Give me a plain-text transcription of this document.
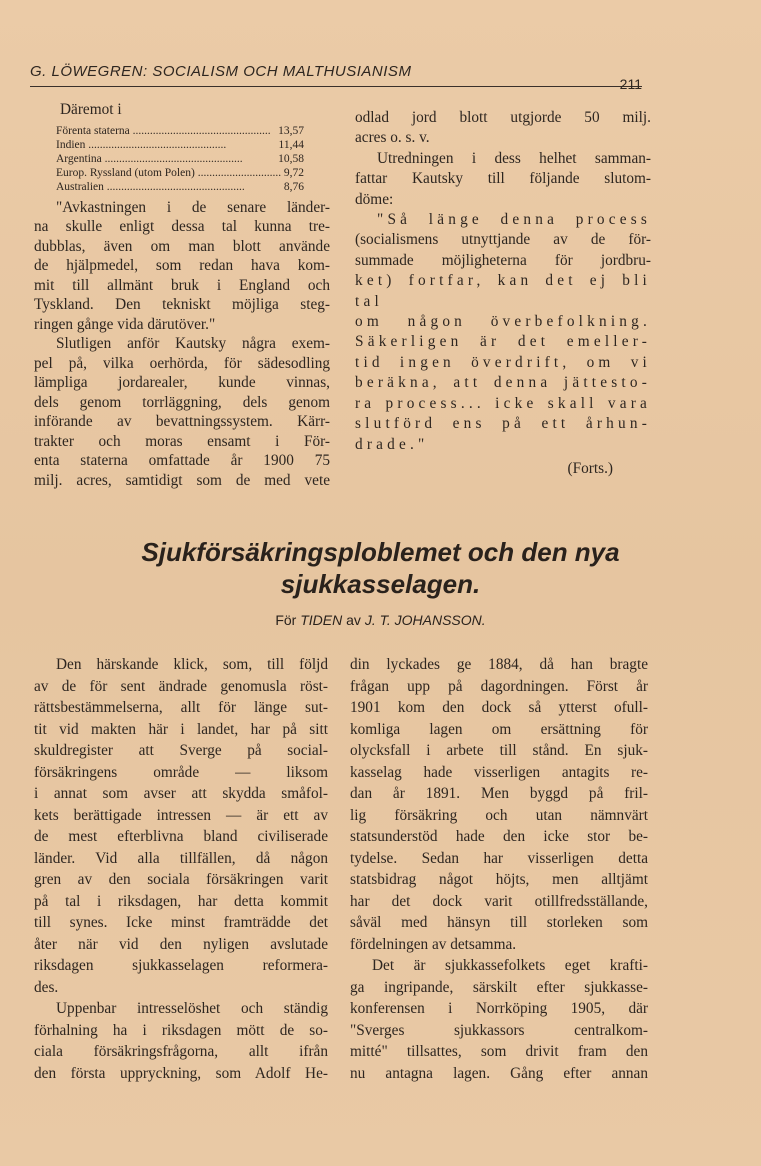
G. LÖWEGREN: SOCIALISM OCH MALTHUSIANISM
211

Däremot i

Förenta staterna .....	13,57
Indien .....	11,44
Argentina .....	10,58
Europ. Ryssland (utom Polen) .....	9,72
Australien .....	8,76

"Avkastningen i de senare länder-

na skulle enligt dessa tal kunna tre-

dubblas, även om man blott använde

de hjälpmedel, som redan hava kom-

mit till allmänt bruk i England och

Tyskland. Den tekniskt möjliga steg-

ringen gånge vida därutöver."

Slutligen anför Kautsky några exem-

pel på, vilka oerhörda, för sädesodling

lämpliga jordarealer, kunde vinnas,

dels genom torrläggning, dels genom

införande av bevattningssystem. Kärr-

trakter och moras ensamt i För-

enta staterna omfattade år 1900 75

milj. acres, samtidigt som de med vete

odlad jord blott utgjorde 50 milj.

acres o. s. v.

Utredningen i dess helhet samman-

fattar Kautsky till följande slutom-

döme:

"Så länge denna process

(socialismens utnyttjande av de för-

summade möjligheterna för jordbru-

ket) fortfar, kan det ej bli tal

om någon överbefolkning.

Säkerligen är det emeller-

tid ingen överdrift, om vi

beräkna, att denna jättesto-

ra process... icke skall vara

slutförd ens på ett århun-

drade."

(Forts.)

Sjukförsäkringsploblemet och den nya
sjukkasselagen.
För TIDEN av J. T. JOHANSSON.

Den härskande klick, som, till följd

av de för sent ändrade genomusla röst-

rättsbestämmelserna, allt för länge sut-

tit vid makten här i landet, har på sitt

skuldregister att Sverge på social-

försäkringens område — liksom

i annat som avser att skydda småfol-

kets berättigade intressen — är ett av

de mest efterblivna bland civiliserade

länder. Vid alla tillfällen, då någon

gren av den sociala försäkringen varit

på tal i riksdagen, har detta kommit

till synes. Icke minst framträdde det

åter när vid den nyligen avslutade

riksdagen sjukkasselagen reformera-

des.

Uppenbar intresselöshet och ständig

förhalning ha i riksdagen mött de so-

ciala försäkringsfrågorna, allt ifrån

den första uppryckning, som Adolf He-

din lyckades ge 1884, då han bragte

frågan upp på dagordningen. Först år

1901 kom den dock så ytterst ofull-

komliga lagen om ersättning för

olycksfall i arbete till stånd. En sjuk-

kasselag hade visserligen antagits re-

dan år 1891. Men byggd på fril-

lig försäkring och utan nämnvärt

statsunderstöd hade den icke stor be-

tydelse. Sedan har visserligen detta

statsbidrag något höjts, men alltjämt

har det dock varit otillfredsställande,

såväl med hänsyn till storleken som

fördelningen av detsamma.

Det är sjukkassefolkets eget krafti-

ga ingripande, särskilt efter sjukkasse-

konferensen i Norrköping 1905, där

"Sverges sjukkassors centralkom-

mitté" tillsattes, som drivit fram den

nu antagna lagen. Gång efter annan
